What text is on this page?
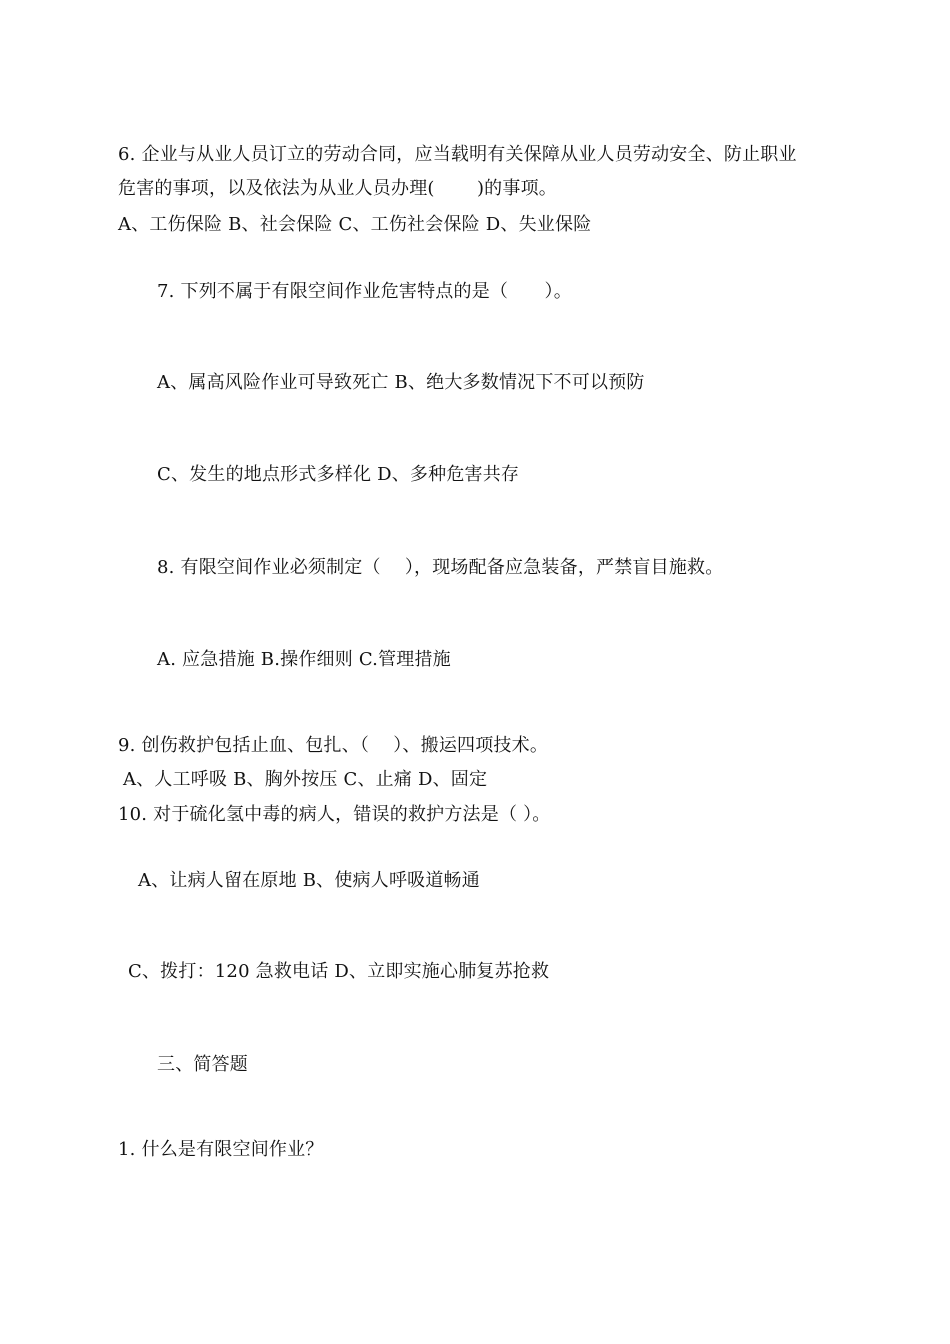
6. 企业与从业人员订立的劳动合同，应当载明有关保障从业人员劳动安全、防止职业
危害的事项，以及依法为从业人员办理(　　 )的事项。
A、工伤保险 B、社会保险 C、工伤社会保险 D、失业保险
7. 下列不属于有限空间作业危害特点的是（　　）。
A、属高风险作业可导致死亡 B、绝大多数情况下不可以预防
C、发生的地点形式多样化 D、多种危害共存
8. 有限空间作业必须制定（　 ），现场配备应急装备，严禁盲目施救。
A. 应急措施 B.操作细则 C.管理措施
9. 创伤救护包括止血、包扎、（　 ）、搬运四项技术。
A、人工呼吸 B、胸外按压 C、止痛 D、固定
10. 对于硫化氢中毒的病人，错误的救护方法是（ ）。
A、让病人留在原地 B、使病人呼吸道畅通
C、拨打：120 急救电话 D、立即实施心肺复苏抢救
三、简答题
1. 什么是有限空间作业？
